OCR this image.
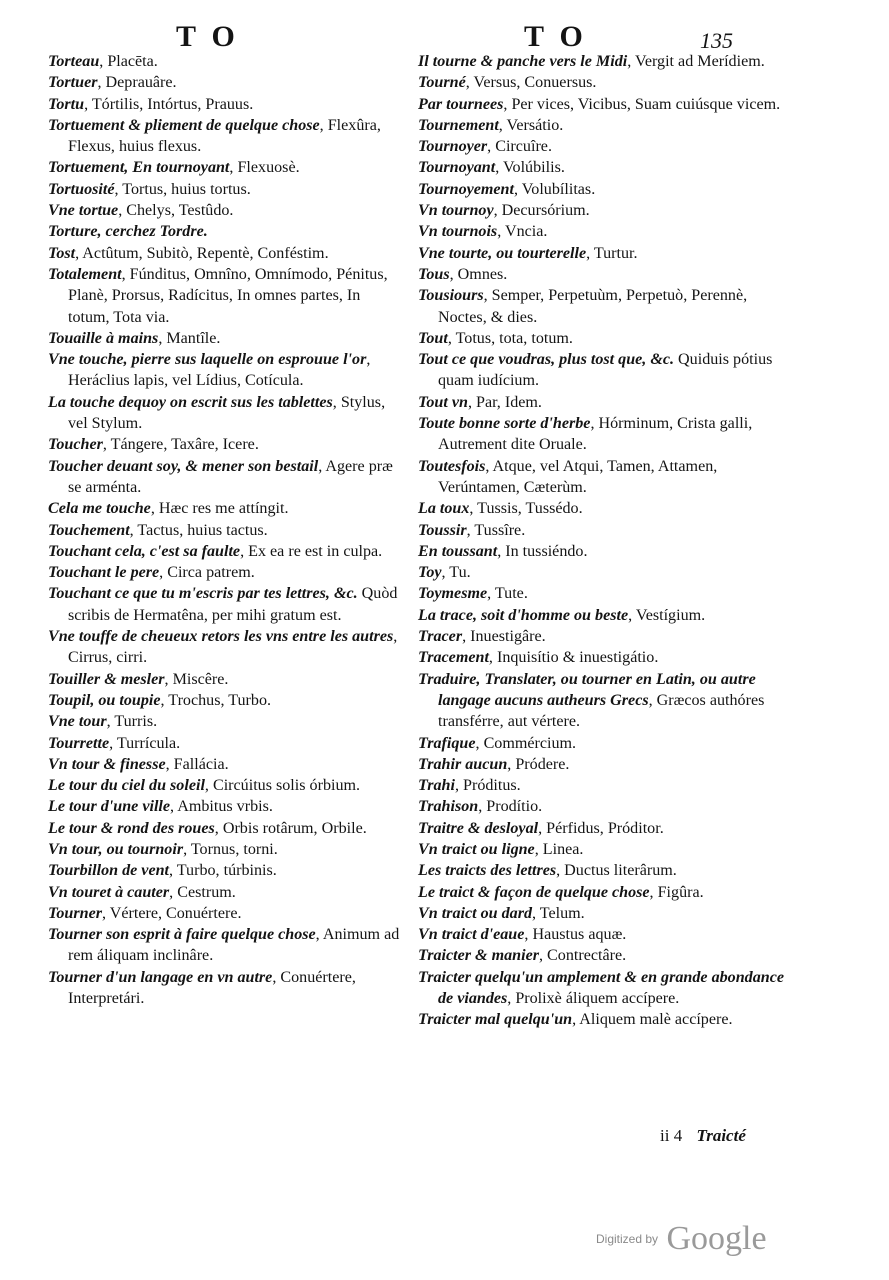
TO	TO	135
Torteau, Placēta.
Tortuer, Deprauâre.
Tortu, Tórtilis, Intórtus, Prauus.
Tortuement & pliement de quelque chose, Flexûra, Flexus, huius flexus.
Tortuement, En tournoyant, Flexuosè.
Tortuosité, Tortus, huius tortus.
Vne tortue, Chelys, Testûdo.
Torture, cerchez Tordre.
Tost, Actûtum, Subitò, Repentè, Conféstim.
Totalement, Fúnditus, Omnîno, Omnímodo, Pénitus, Planè, Prorsus, Radícitus, In omnes partes, In totum, Tota via.
Touaille à mains, Mantîle.
Vne touche, pierre sus laquelle on esprouue l'or, Heráclius lapis, vel Lídius, Cotícula.
La touche dequoy on escrit sus les tablettes, Stylus, vel Stylum.
Toucher, Tángere, Taxâre, Icere.
Toucher deuant soy, & mener son bestail, Agere præ se arménta.
Cela me touche, Hæc res me attíngit.
Touchement, Tactus, huius tactus.
Touchant cela, c'est sa faulte, Ex ea re est in culpa.
Touchant le pere, Circa patrem.
Touchant ce que tu m'escris par tes lettres, &c. Quòd scribis de Hermatêna, per mihi gratum est.
Vne touffe de cheueux retors les vns entre les autres, Cirrus, cirri.
Touiller & mesler, Miscêre.
Toupil, ou toupie, Trochus, Turbo.
Vne tour, Turris.
Tourrette, Turrícula.
Vn tour & finesse, Fallácia.
Le tour du ciel du soleil, Circúitus solis órbium.
Le tour d'une ville, Ambitus vrbis.
Le tour & rond des roues, Orbis rotârum, Orbile.
Vn tour, ou tournoir, Tornus, torni.
Tourbillon de vent, Turbo, túrbinis.
Vn touret à cauter, Cestrum.
Tourner, Vértere, Conuértere.
Tourner son esprit à faire quelque chose, Animum ad rem áliquam inclinâre.
Tourner d'un langage en vn autre, Conuértere, Interpretári.
Il tourne & panche vers le Midi, Vergit ad Merídiem.
Tourné, Versus, Conuersus.
Par tournees, Per vices, Vicibus, Suam cuiúsque vicem.
Tournement, Versátio.
Tournoyer, Circuîre.
Tournoyant, Volúbilis.
Tournoyement, Volubílitas.
Vn tournoy, Decursórium.
Vn tournois, Vncia.
Vne tourte, ou tourterelle, Turtur.
Tous, Omnes.
Tousiours, Semper, Perpetuùm, Perpetuò, Perennè, Noctes, & dies.
Tout, Totus, tota, totum.
Tout ce que voudras, plus tost que, &c. Quiduis pótius quam iudícium.
Tout vn, Par, Idem.
Toute bonne sorte d'herbe, Hórminum, Crista galli, Autrement dite Oruale.
Toutesfois, Atque, vel Atqui, Tamen, Attamen, Verúntamen, Cæterùm.
La toux, Tussis, Tussédo.
Toussir, Tussîre.
En toussant, In tussiéndo.
Toy, Tu.
Toymesme, Tute.
La trace, soit d'homme ou beste, Vestígium.
Tracer, Inuestigâre.
Tracement, Inquisítio & inuestigátio.
Traduire, Translater, ou tourner en Latin, ou autre langage aucuns autheurs Grecs, Græcos authóres transférre, aut vértere.
Trafique, Commércium.
Trahir aucun, Pródere.
Trahi, Próditus.
Trahison, Prodítio.
Traitre & desloyal, Pérfidus, Próditor.
Vn traict ou ligne, Linea.
Les traicts des lettres, Ductus literârum.
Le traict & façon de quelque chose, Figûra.
Vn traict ou dard, Telum.
Vn traict d'eaue, Haustus aquæ.
Traicter & manier, Contrectâre.
Traicter quelqu'un amplement & en grande abondance de viandes, Prolixè áliquem accípere.
Traicter mal quelqu'un, Aliquem malè accípere.
ii 4 Traicté
Digitized by Google
